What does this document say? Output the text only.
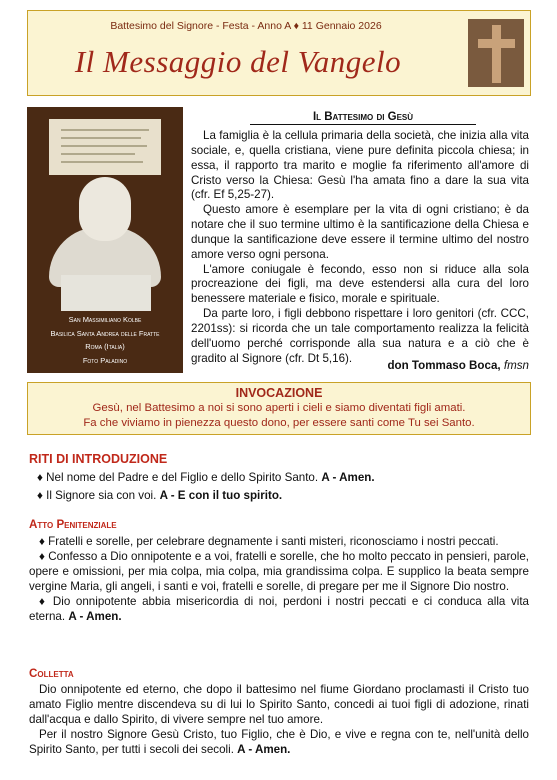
Battesimo del Signore - Festa - Anno A ♦ 11 Gennaio 2026
Il Messaggio del Vangelo
San Massimiliano Kolbe
Basilica Santa Andrea delle Fratte
Roma (Italia)
Foto Paladino
Il Battesimo di Gesù

La famiglia è la cellula primaria della società, che inizia alla vita sociale, e, quella cristiana, viene pure definita piccola chiesa; in essa, il rapporto tra marito e moglie fa riferimento all'amore di Cristo verso la Chiesa: Gesù l'ha amata fino a dare la sua vita (cfr. Ef 5,25-27).

Questo amore è esemplare per la vita di ogni cristiano; è da notare che il suo termine ultimo è la santificazione della Chiesa e dunque la santificazione deve essere il termine ultimo del nostro amore verso ogni persona.

L'amore coniugale è fecondo, esso non si riduce alla sola procreazione dei figli, ma deve estendersi alla cura del loro benessere materiale e fisico, morale e spirituale.

Da parte loro, i figli debbono rispettare i loro genitori (cfr. CCC, 2201ss): si ricorda che un tale comportamento realizza la felicità dell'uomo perché corrisponde alla sua natura e a ciò che è gradito al Signore (cfr. Dt 5,16).

don Tommaso Boca, fmsn
INVOCAZIONE
Gesù, nel Battesimo a noi si sono aperti i cieli e siamo diventati figli amati.
Fa che viviamo in pienezza questo dono, per essere santi come Tu sei Santo.
RITI DI INTRODUZIONE

♦ Nel nome del Padre e del Figlio e dello Spirito Santo. A - Amen.

♦ Il Signore sia con voi. A - E con il tuo spirito.

Atto Penitenziale

♦ Fratelli e sorelle, per celebrare degnamente i santi misteri, riconosciamo i nostri peccati.

♦ Confesso a Dio onnipotente e a voi, fratelli e sorelle, che ho molto peccato in pensieri, parole, opere e omissioni, per mia colpa, mia colpa, mia grandissima colpa. E supplico la beata sempre vergine Maria, gli angeli, i santi e voi, fratelli e sorelle, di pregare per me il Signore Dio nostro.

♦ Dio onnipotente abbia misericordia di noi, perdoni i nostri peccati e ci conduca alla vita eterna. A - Amen.

Colletta

Dio onnipotente ed eterno, che dopo il battesimo nel fiume Giordano proclamasti il Cristo tuo amato Figlio mentre discendeva su di lui lo Spirito Santo, concedi ai tuoi figli di adozione, rinati dall'acqua e dallo Spirito, di vivere sempre nel tuo amore.

Per il nostro Signore Gesù Cristo, tuo Figlio, che è Dio, e vive e regna con te, nell'unità dello Spirito Santo, per tutti i secoli dei secoli. A - Amen.
